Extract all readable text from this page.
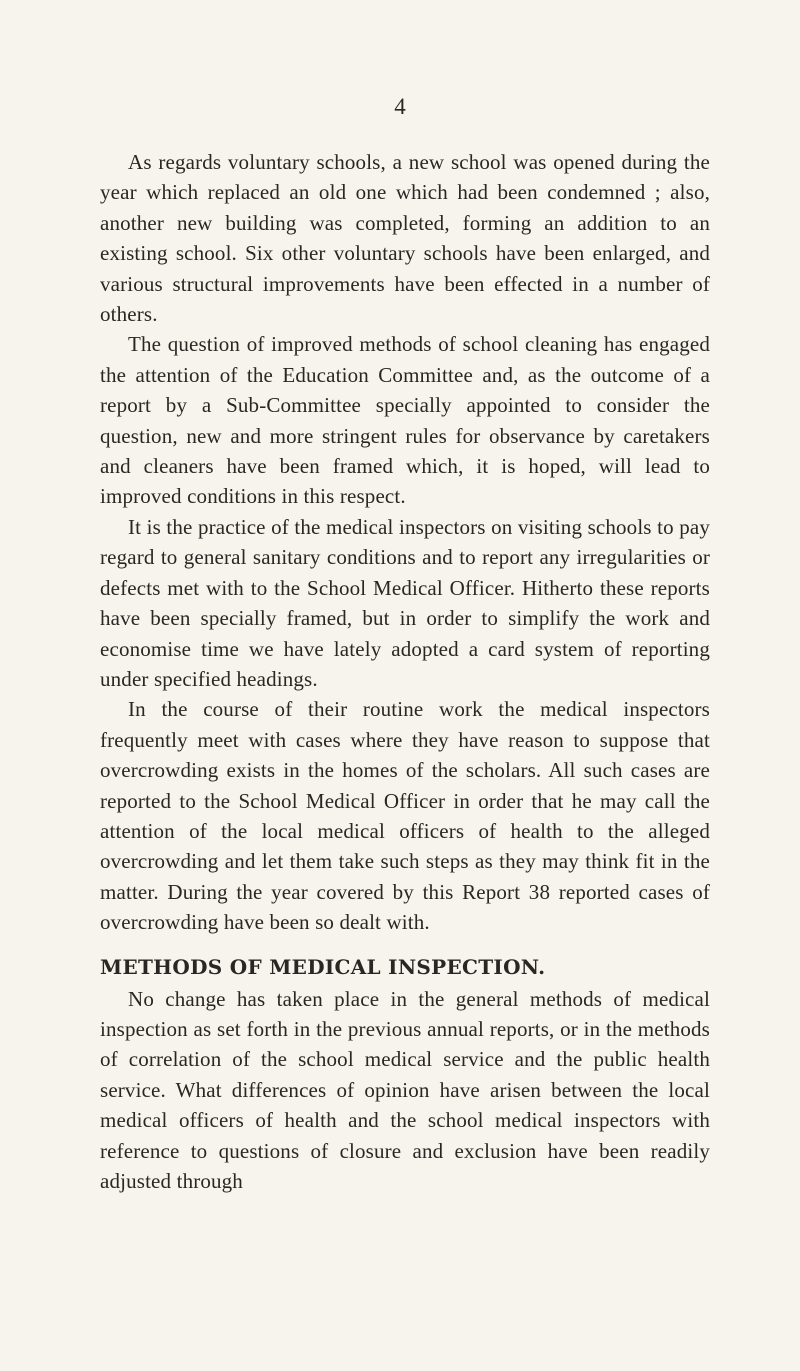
4

As regards voluntary schools, a new school was opened during the year which replaced an old one which had been condemned ; also, another new building was completed, forming an addition to an existing school. Six other voluntary schools have been enlarged, and various structural improvements have been effected in a number of others.

The question of improved methods of school cleaning has engaged the attention of the Education Committee and, as the outcome of a report by a Sub-Committee specially appointed to consider the question, new and more stringent rules for observance by caretakers and cleaners have been framed which, it is hoped, will lead to improved conditions in this respect.

It is the practice of the medical inspectors on visiting schools to pay regard to general sanitary conditions and to report any irregularities or defects met with to the School Medical Officer. Hitherto these reports have been specially framed, but in order to simplify the work and economise time we have lately adopted a card system of reporting under specified headings.

In the course of their routine work the medical inspectors frequently meet with cases where they have reason to suppose that overcrowding exists in the homes of the scholars. All such cases are reported to the School Medical Officer in order that he may call the attention of the local medical officers of health to the alleged overcrowding and let them take such steps as they may think fit in the matter. During the year covered by this Report 38 reported cases of overcrowding have been so dealt with.

METHODS OF MEDICAL INSPECTION.

No change has taken place in the general methods of medical inspection as set forth in the previous annual reports, or in the methods of correlation of the school medical service and the public health service. What differences of opinion have arisen between the local medical officers of health and the school medical inspectors with reference to questions of closure and exclusion have been readily adjusted through
